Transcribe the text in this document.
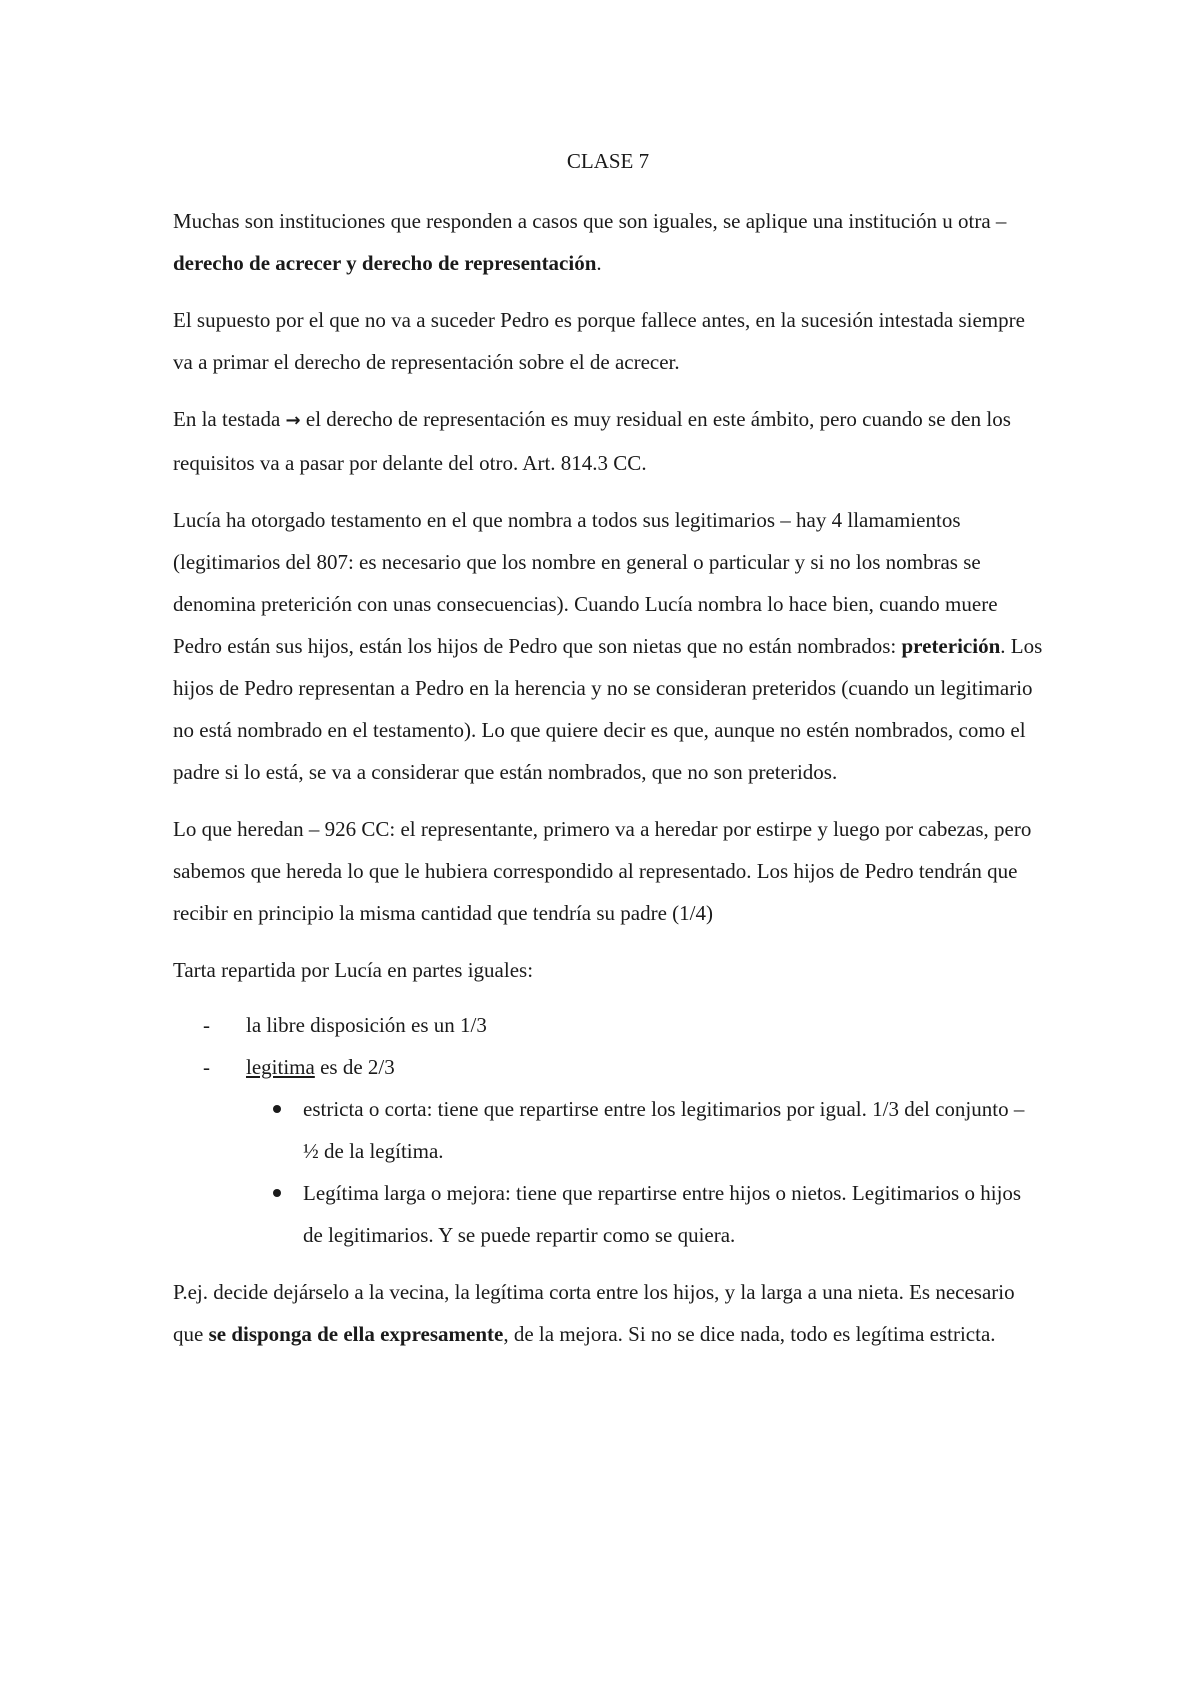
CLASE 7

Muchas son instituciones que responden a casos que son iguales, se aplique una institución u otra – derecho de acrecer y derecho de representación.

El supuesto por el que no va a suceder Pedro es porque fallece antes, en la sucesión intestada siempre va a primar el derecho de representación sobre el de acrecer.

En la testada → el derecho de representación es muy residual en este ámbito, pero cuando se den los requisitos va a pasar por delante del otro. Art. 814.3 CC.

Lucía ha otorgado testamento en el que nombra a todos sus legitimarios – hay 4 llamamientos (legitimarios del 807: es necesario que los nombre en general o particular y si no los nombras se denomina preterición con unas consecuencias). Cuando Lucía nombra lo hace bien, cuando muere Pedro están sus hijos, están los hijos de Pedro que son nietas que no están nombrados: preterición. Los hijos de Pedro representan a Pedro en la herencia y no se consideran preteridos (cuando un legitimario no está nombrado en el testamento). Lo que quiere decir es que, aunque no estén nombrados, como el padre si lo está, se va a considerar que están nombrados, que no son preteridos.

Lo que heredan – 926 CC: el representante, primero va a heredar por estirpe y luego por cabezas, pero sabemos que hereda lo que le hubiera correspondido al representado. Los hijos de Pedro tendrán que recibir en principio la misma cantidad que tendría su padre (1/4)

Tarta repartida por Lucía en partes iguales:

- la libre disposición es un 1/3
- legitima es de 2/3
estricta o corta: tiene que repartirse entre los legitimarios por igual. 1/3 del conjunto – ½ de la legítima.
Legítima larga o mejora: tiene que repartirse entre hijos o nietos. Legitimarios o hijos de legitimarios. Y se puede repartir como se quiera.

P.ej. decide dejárselo a la vecina, la legítima corta entre los hijos, y la larga a una nieta. Es necesario que se disponga de ella expresamente, de la mejora. Si no se dice nada, todo es legítima estricta.
